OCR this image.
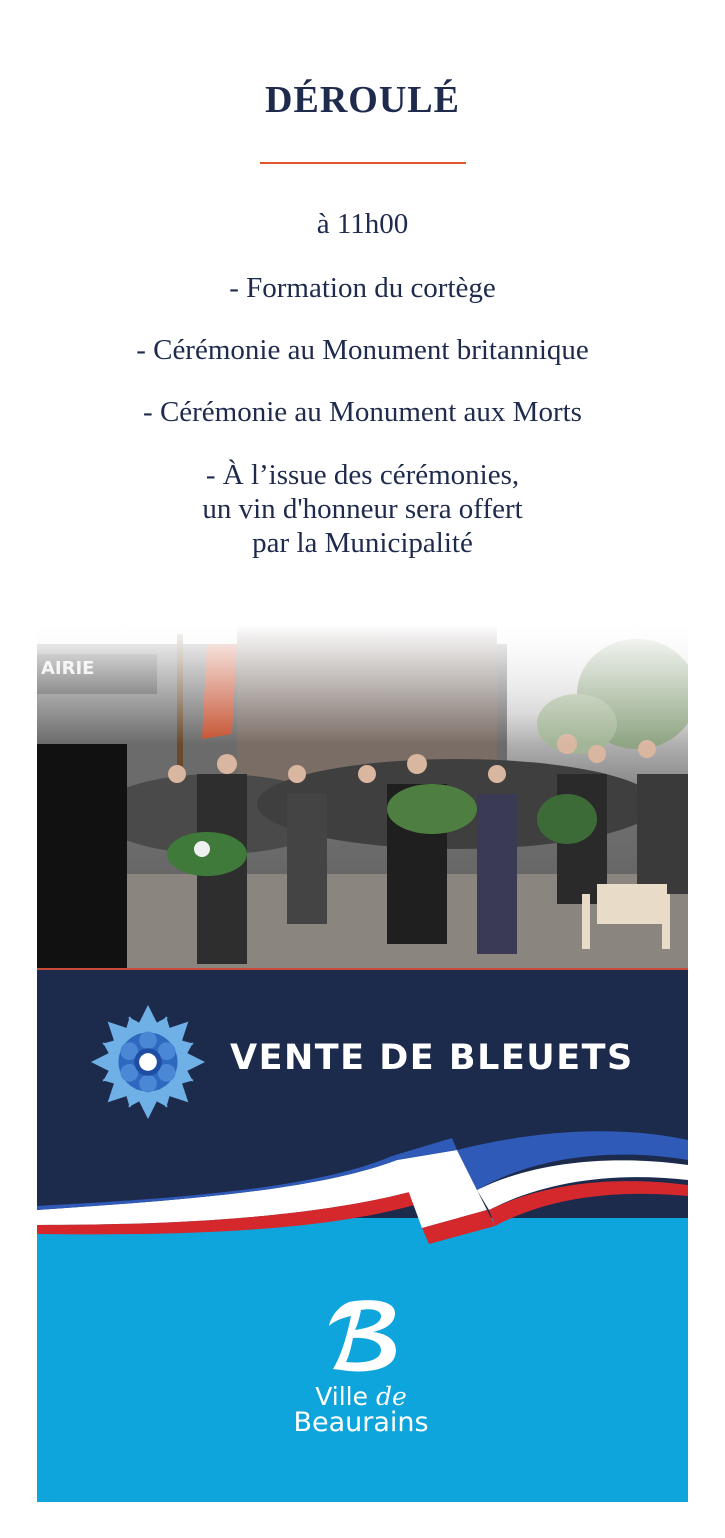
DÉROULÉ
à 11h00
- Formation du cortège
- Cérémonie au Monument britannique
- Cérémonie au Monument aux Morts
- À l’issue des cérémonies,
un vin d'honneur sera offert
par la Municipalité
VENTE DE BLEUETS
Ville de
Beaurains
